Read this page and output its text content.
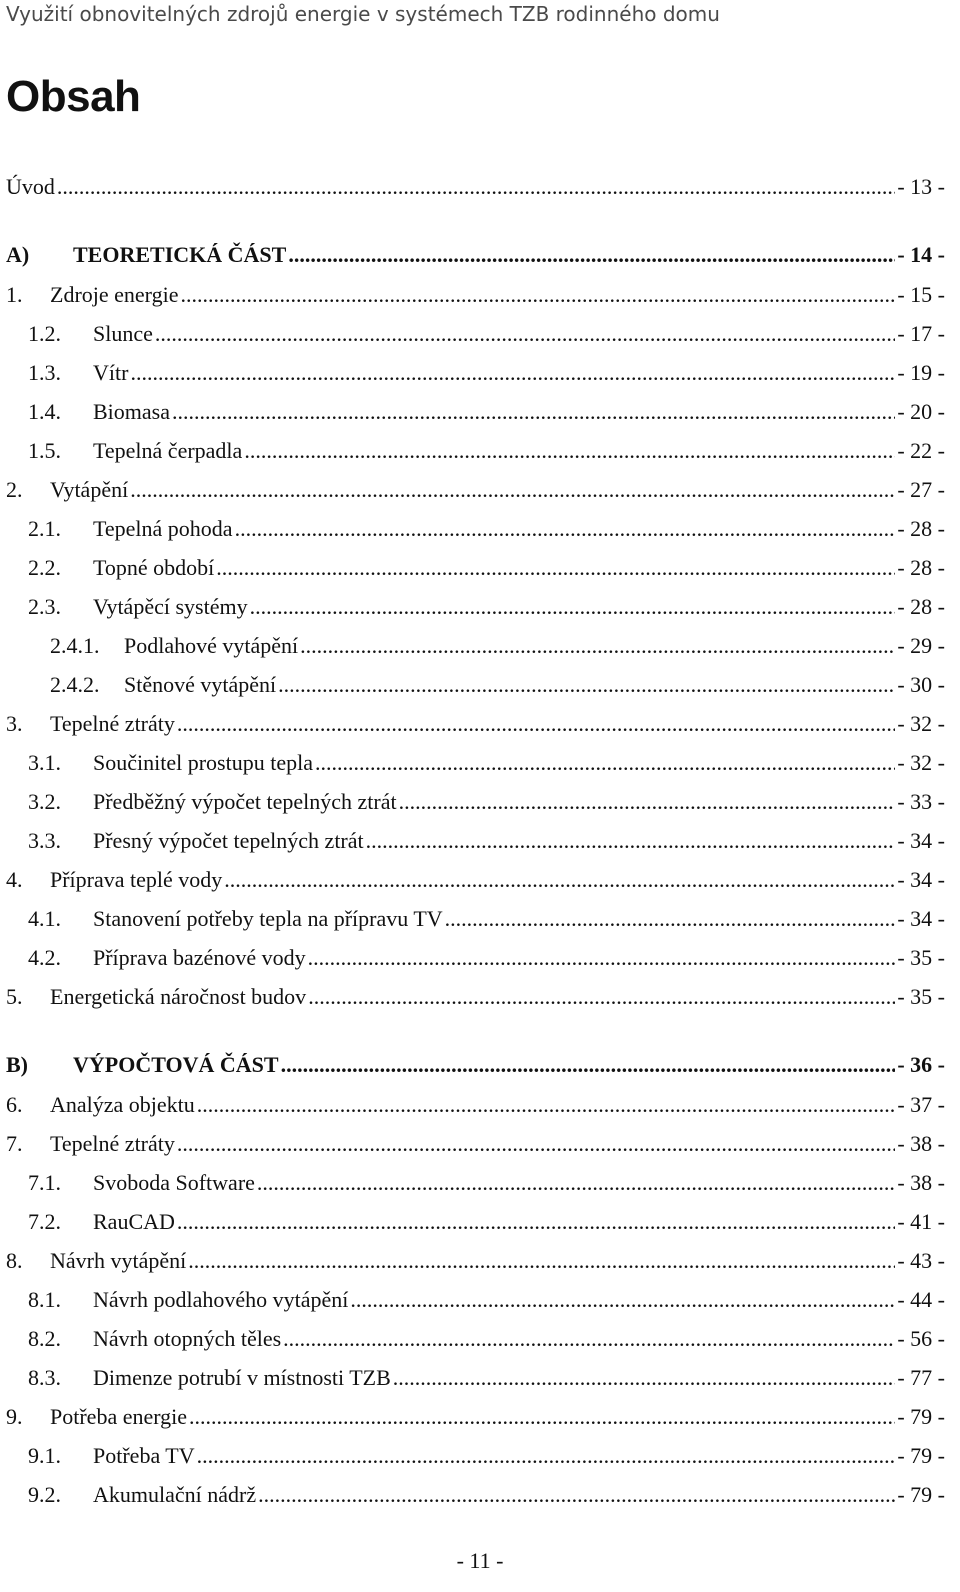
Využití obnovitelných zdrojů energie v systémech TZB rodinného domu
Obsah
Úvod .....	- 13 -
A)	TEORETICKÁ ČÁST .....	- 14 -
1.	Zdroje energie .....	- 15 -
1.2.	Slunce .....	- 17 -
1.3.	Vítr .....	- 19 -
1.4.	Biomasa .....	- 20 -
1.5.	Tepelná čerpadla .....	- 22 -
2.	Vytápění .....	- 27 -
2.1.	Tepelná pohoda .....	- 28 -
2.2.	Topné období .....	- 28 -
2.3.	Vytápěcí systémy .....	- 28 -
2.4.1.	Podlahové vytápění .....	- 29 -
2.4.2.	Stěnové vytápění .....	- 30 -
3.	Tepelné ztráty .....	- 32 -
3.1.	Součinitel prostupu tepla .....	- 32 -
3.2.	Předběžný výpočet tepelných ztrát .....	- 33 -
3.3.	Přesný výpočet tepelných ztrát .....	- 34 -
4.	Příprava teplé vody .....	- 34 -
4.1.	Stanovení potřeby tepla na přípravu TV .....	- 34 -
4.2.	Příprava bazénové vody .....	- 35 -
5.	Energetická náročnost budov .....	- 35 -
B)	VÝPOČTOVÁ ČÁST .....	- 36 -
6.	Analýza objektu .....	- 37 -
7.	Tepelné ztráty .....	- 38 -
7.1.	Svoboda Software .....	- 38 -
7.2.	RauCAD .....	- 41 -
8.	Návrh vytápění .....	- 43 -
8.1.	Návrh podlahového vytápění .....	- 44 -
8.2.	Návrh otopných těles .....	- 56 -
8.3.	Dimenze potrubí v místnosti TZB .....	- 77 -
9.	Potřeba energie .....	- 79 -
9.1.	Potřeba TV .....	- 79 -
9.2.	Akumulační nádrž .....	- 79 -
- 11 -
